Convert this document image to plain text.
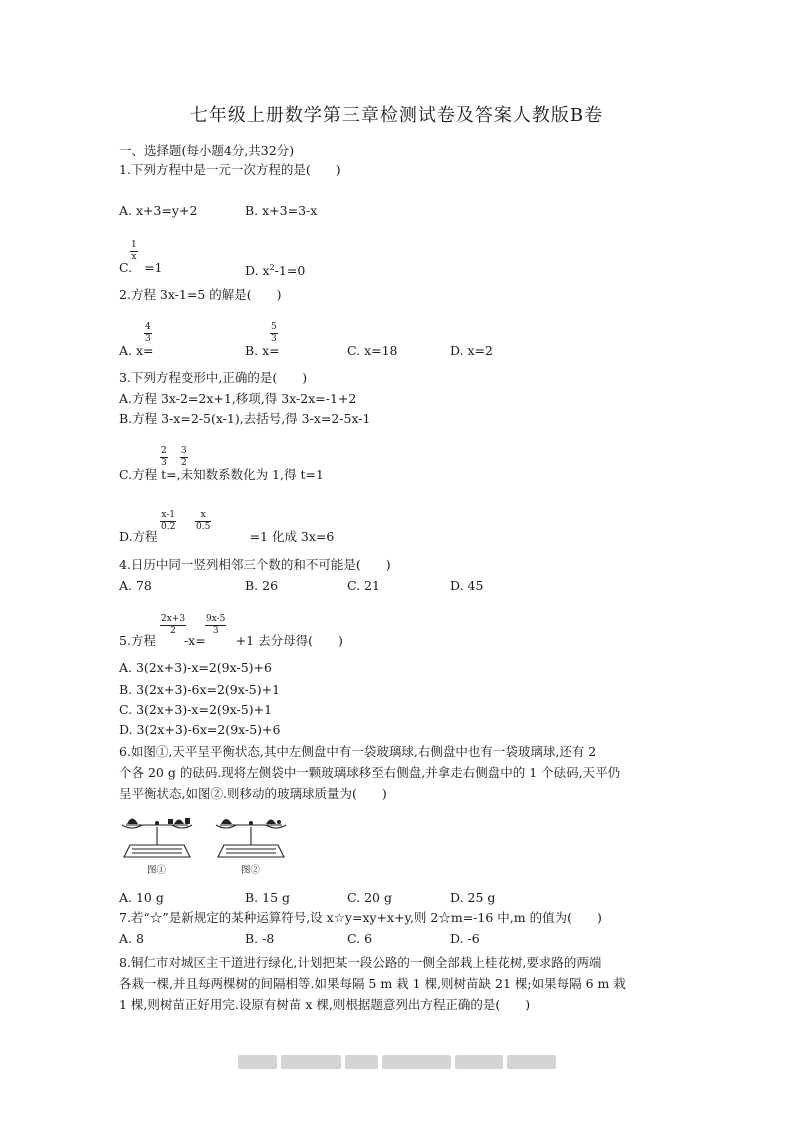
七年级上册数学第三章检测试卷及答案人教版B卷
一、选择题(每小题4分,共32分)
1.下列方程中是一元一次方程的是(　　)
A. x+3=y+2	B. x+3=3-x
$\frac{1}{x}$
C. =1	D. $x^2-1=0$
2.方程 3x-1=5 的解是(　　)
A. x=
$\frac{4}{3}$
B. x=
$\frac{5}{3}$
C. x=18	D. x=2
3.下列方程变形中,正确的是(　　)
A.方程 3x-2=2x+1,移项,得 3x-2x=-1+2
B.方程 3-x=2-5(x-1),去括号,得 3-x=2-5x-1
$\frac{2}{3} \frac{3}{2}$
C.方程 t=,未知数系数化为 1,得 t=1
$\frac{x-1}{0.2} \frac{x}{0.5}$
D.方程	=1 化成 3x=6
4.日历中同一竖列相邻三个数的和不可能是(　　)
A. 78	B. 26	C. 21	D. 45
$\frac{2x+3}{2} \frac{9x-5}{3}$
5.方程 -x= +1 去分母得(　　)
A. 3(2x+3)-x=2(9x-5)+6
B. 3(2x+3)-6x=2(9x-5)+1
C. 3(2x+3)-x=2(9x-5)+1
D. 3(2x+3)-6x=2(9x-5)+6
6.如图①,天平呈平衡状态,其中左侧盘中有一袋玻璃球,右侧盘中也有一袋玻璃球,还有 2
个各 20 g 的砝码.现将左侧袋中一颗玻璃球移至右侧盘,并拿走右侧盘中的 1 个砝码,天平仍
呈平衡状态,如图②.则移动的玻璃球质量为(　　)
图①	图②
A. 10 g	B. 15 g	C. 20 g	D. 25 g
7.若“☆”是新规定的某种运算符号,设 x☆y=xy+x+y,则 2☆m=-16 中,m 的值为(　　)
A. 8	B. -8	C. 6	D. -6
8.铜仁市对城区主干道进行绿化,计划把某一段公路的一侧全部栽上桂花树,要求路的两端
各栽一棵,并且每两棵树的间隔相等.如果每隔 5 m 栽 1 棵,则树苗缺 21 棵;如果每隔 6 m 栽
1 棵,则树苗正好用完.设原有树苗 x 棵,则根据题意列出方程正确的是(　　)
